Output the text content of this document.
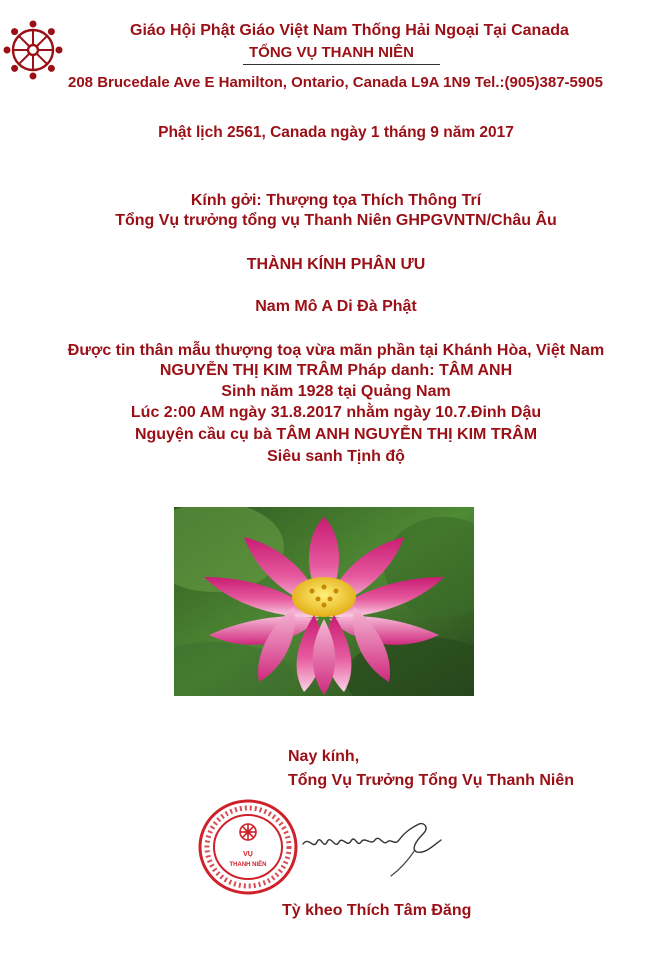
Giáo Hội Phật Giáo Việt Nam Thống Hải Ngoại Tại Canada
TỔNG VỤ THANH NIÊN
208 Brucedale Ave E Hamilton, Ontario, Canada L9A 1N9 Tel.:(905)387-5905
Phật lịch 2561, Canada ngày 1 tháng 9 năm 2017
Kính gởi: Thượng tọa Thích Thông Trí
Tổng Vụ trưởng tổng vụ Thanh Niên GHPGVNTN/Châu Âu
THÀNH KÍNH PHÂN ƯU
Nam Mô A Di Đà Phật
Được tin thân mẫu thượng toạ vừa mãn phần tại Khánh Hòa, Việt Nam
NGUYỄN THỊ KIM TRÂM Pháp danh: TÂM ANH
Sinh năm 1928 tại Quảng Nam
Lúc 2:00 AM ngày 31.8.2017 nhằm ngày 10.7.Đinh Dậu
Nguyện cầu cụ bà TÂM ANH NGUYỄN THỊ KIM TRÂM
Siêu sanh Tịnh độ
Nay kính,
Tổng Vụ Trưởng Tổng Vụ Thanh Niên
VỤ
THANH NIÊN
Tỳ kheo Thích Tâm Đăng
